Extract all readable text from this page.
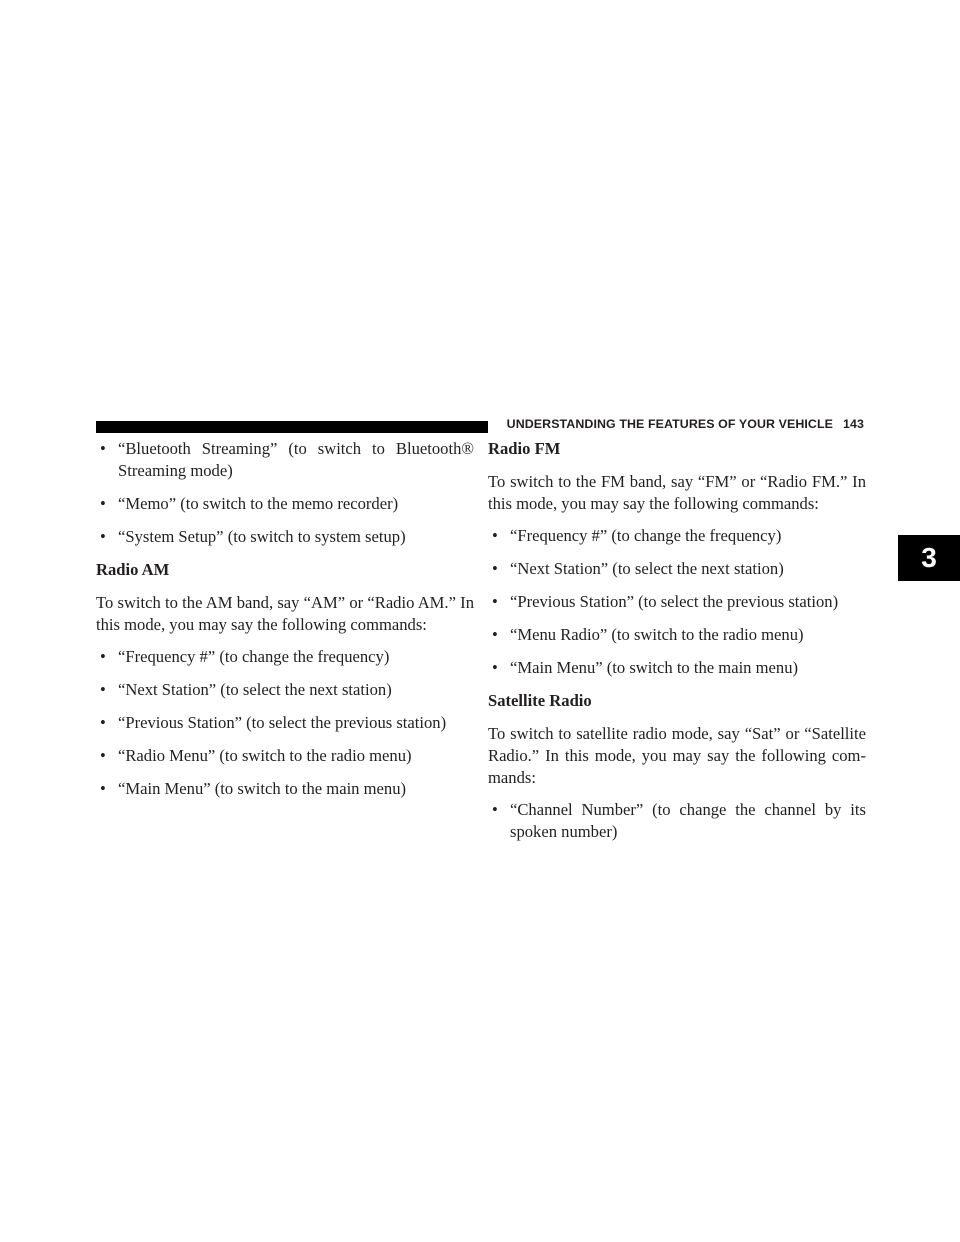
UNDERSTANDING THE FEATURES OF YOUR VEHICLE 143
3
• “Bluetooth Streaming” (to switch to Bluetooth® Streaming mode)
• “Memo” (to switch to the memo recorder)
• “System Setup” (to switch to system setup)
Radio AM
To switch to the AM band, say “AM” or “Radio AM.” In this mode, you may say the following commands:
• “Frequency #” (to change the frequency)
• “Next Station” (to select the next station)
• “Previous Station” (to select the previous station)
• “Radio Menu” (to switch to the radio menu)
• “Main Menu” (to switch to the main menu)
Radio FM
To switch to the FM band, say “FM” or “Radio FM.” In this mode, you may say the following commands:
• “Frequency #” (to change the frequency)
• “Next Station” (to select the next station)
• “Previous Station” (to select the previous station)
• “Menu Radio” (to switch to the radio menu)
• “Main Menu” (to switch to the main menu)
Satellite Radio
To switch to satellite radio mode, say “Sat” or “Satellite Radio.” In this mode, you may say the following com- mands:
• “Channel Number” (to change the channel by its spoken number)
